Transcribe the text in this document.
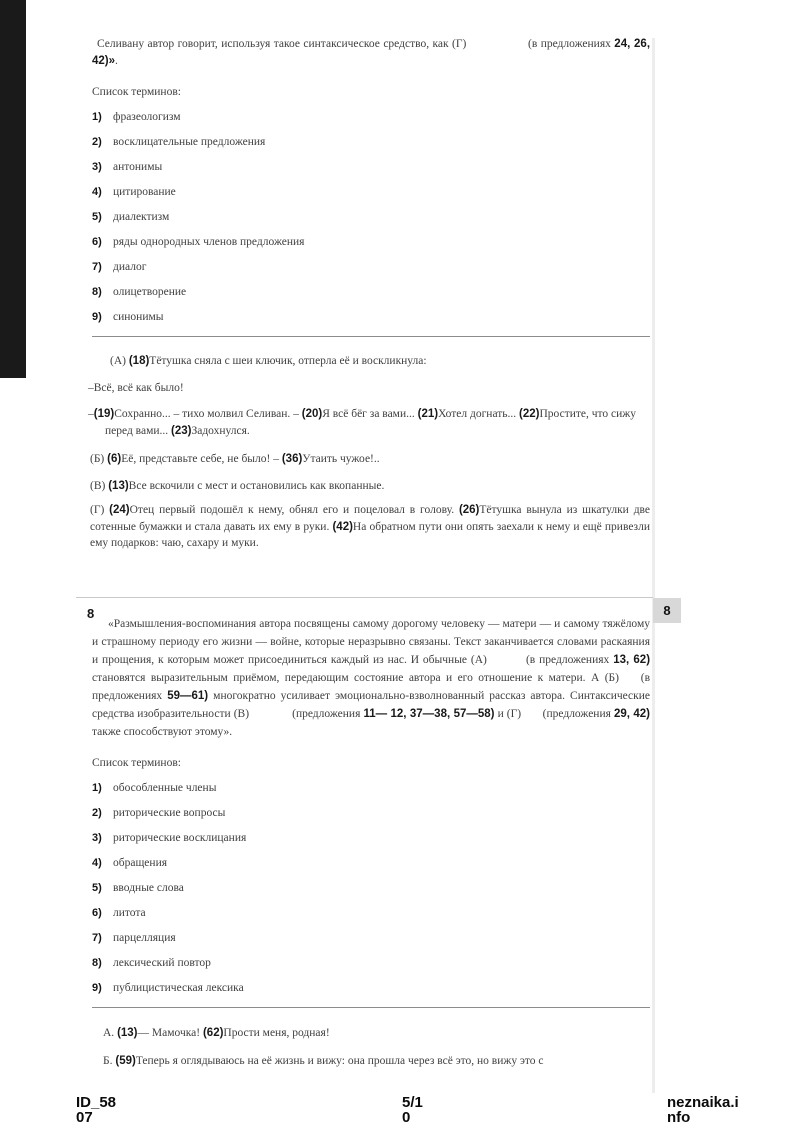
8

Селивану автор говорит, используя такое синтаксическое средство, как (Г)	(в предложениях 24, 26, 42)».

Список терминов:

1) фразеологизм
2) восклицательные предложения
3) антонимы
4) цитирование
5) диалектизм
6) ряды однородных членов предложения
7) диалог
8) олицетворение
9) синонимы

(А) (18)Тётушка сняла с шеи ключик, отперла её и воскликнула:

–Всё, всё как было!

–(19)Сохранно... – тихо молвил Селиван. – (20)Я всё бёг за вами... (21)Хотел догнать... (22)Простите, что сижу перед вами... (23)Задохнулся.

(Б) (6)Её, представьте себе, не было! – (36)Утаить чужое!..

(В) (13)Все вскочили с мест и остановились как вкопанные.

(Г) (24)Отец первый подошёл к нему, обнял его и поцеловал в голову. (26)Тётушка вынула из шкатулки две сотенные бумажки и стала давать их ему в руки. (42)На обратном пути они опять заехали к нему и ещё привезли ему подарков: чаю, сахару и муки.

8

«Размышления-воспоминания автора посвящены самому дорогому человеку — матери — и самому тяжёлому и страшному периоду его жизни — войне, которые неразрывно связаны. Текст заканчивается словами раскаяния и прощения, к которым может присоединиться каждый из нас. И обычные (А)	(в предложениях 13, 62) становятся выразительным приёмом, передающим состояние автора и его отношение к матери. А (Б) (в предложениях 59—61) многократно усиливает эмоционально-взволнованный рассказ автора. Синтаксические средства изобразительности (В)	(предложения 11— 12, 37—38, 57—58) и (Г) (предложения 29, 42) также способствуют этому».

Список терминов:

1) обособленные члены
2) риторические вопросы
3) риторические восклицания
4) обращения
5) вводные слова
6) литота
7) парцелляция
8) лексический повтор
9) публицистическая лексика

А. (13)— Мамочка! (62)Прости меня, родная!

Б. (59)Теперь я оглядываюсь на её жизнь и вижу: она прошла через всё это, но вижу это с

ID_58
07
5/1
0
neznaika.i
nfo
